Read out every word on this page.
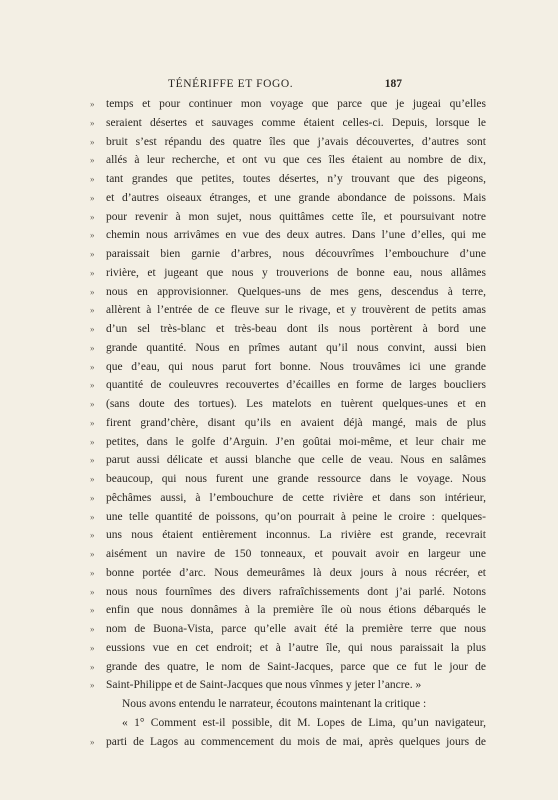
TÉNÉRIFFE ET FOGO.	187
» temps et pour continuer mon voyage que parce que je jugeai qu’elles
» seraient désertes et sauvages comme étaient celles-ci. Depuis, lorsque le
» bruit s’est répandu des quatre îles que j’avais découvertes, d’autres sont
» allés à leur recherche, et ont vu que ces îles étaient au nombre de dix,
» tant grandes que petites, toutes désertes, n’y trouvant que des pigeons,
» et d’autres oiseaux étranges, et une grande abondance de poissons. Mais
» pour revenir à mon sujet, nous quittâmes cette île, et poursuivant notre
» chemin nous arrivâmes en vue des deux autres. Dans l’une d’elles, qui me
» paraissait bien garnie d’arbres, nous découvrîmes l’embouchure d’une
» rivière, et jugeant que nous y trouverions de bonne eau, nous allâmes
» nous en approvisionner. Quelques-uns de mes gens, descendus à terre,
» allèrent à l’entrée de ce fleuve sur le rivage, et y trouvèrent de petits amas
» d’un sel très-blanc et très-beau dont ils nous portèrent à bord une
» grande quantité. Nous en prîmes autant qu’il nous convint, aussi bien
» que d’eau, qui nous parut fort bonne. Nous trouvâmes ici une grande
» quantité de couleuvres recouvertes d’écailles en forme de larges boucliers
» (sans doute des tortues). Les matelots en tuèrent quelques-unes et en
» firent grand’chère, disant qu’ils en avaient déjà mangé, mais de plus
» petites, dans le golfe d’Arguin. J’en goûtai moi-même, et leur chair me
» parut aussi délicate et aussi blanche que celle de veau. Nous en salâmes
» beaucoup, qui nous furent une grande ressource dans le voyage. Nous
» pêchâmes aussi, à l’embouchure de cette rivière et dans son intérieur,
» une telle quantité de poissons, qu’on pourrait à peine le croire : quelques-
» uns nous étaient entièrement inconnus. La rivière est grande, recevrait
» aisément un navire de 150 tonneaux, et pouvait avoir en largeur une
» bonne portée d’arc. Nous demeurâmes là deux jours à nous récréer, et
» nous nous fournîmes des divers rafraîchissements dont j’ai parlé. Notons
» enfin que nous donnâmes à la première île où nous étions débarqués le
» nom de Buona-Vista, parce qu’elle avait été la première terre que nous
» eussions vue en cet endroit; et à l’autre île, qui nous paraissait la plus
» grande des quatre, le nom de Saint-Jacques, parce que ce fut le jour de
» Saint-Philippe et de Saint-Jacques que nous vînmes y jeter l’ancre. »
Nous avons entendu le narrateur, écoutons maintenant la critique :
« 1° Comment est-il possible, dit M. Lopes de Lima, qu’un navigateur,
» parti de Lagos au commencement du mois de mai, après quelques jours de
